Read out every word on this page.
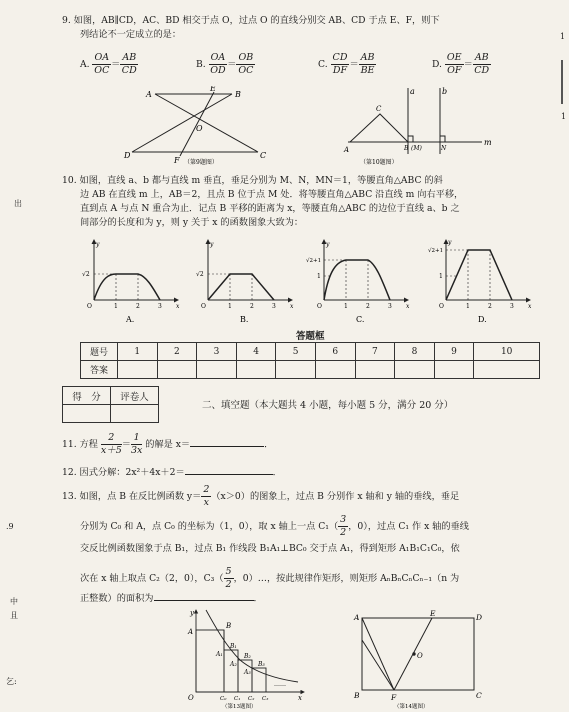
出
.9
中
且
乞:
1
1
9. 如图，AB∥CD，AC、BD 相交于点 O，过点 O 的直线分别交 AB、CD 于点 E、F，则下
列结论不一定成立的是：
A. $\frac{OA}{OC} = \frac{AB}{CD}$	B. $\frac{OA}{OD} = \frac{OB}{OC}$	C. $\frac{CD}{DF} = \frac{AB}{BE}$	D. $\frac{OE}{OF} = \frac{AB}{CD}$
A	B
E
O
D	C
F （第9题图）
a	b
m
C
A	B (M)	N
（第10题图）
10. 如图，直线 a、b 都与直线 m 垂直，垂足分别为 M、N，MN＝1，等腰直角△ABC 的斜
边 AB 在直线 m 上，AB＝2，且点 B 位于点 M 处．将等腰直角△ABC 沿直线 m 向右平移，
直到点 A 与点 N 重合为止．记点 B 平移的距离为 x，等腰直角△ABC 的边位于直线 a、b 之
间部分的长度和为 y，则 y 关于 x 的函数图象大致为：
y
x
O
√2
1	2	3
A.
y
x
O
√2
1	2	3
B.
y
x
O
√2+1
1
1	2	3
C.
y
x
O
√2+1
1
1	2	3
D.
答题框
题号	1	2	3	4	5	6	7	8	9	10
答案										
得　分	评卷人

二、填空题（本大题共 4 小题，每小题 5 分，满分 20 分）
11. 方程 $\frac{2}{x+5} = \frac{1}{3x}$ 的解是 x＝	．
12. 因式分解：2x²＋4x＋2＝	．
13. 如图，点 B 在反比例函数 $y= \frac{2}{x} (x>0)$的图象上，过点 B 分别作 x 轴和 y 轴的垂线，垂足
分别为 C₀ 和 A，点 C₀ 的坐标为（1，0），取 x 轴上一点 $C_1( \frac{3}{2}$ ，0），过点 C₁ 作 x 轴的垂线
交反比例函数图象于点 B₁，过点 B₁ 作线段 B₁A₁⊥BC₀ 交于点 A₁，得到矩形 A₁B₁C₁C₀，依
次在 x 轴上取点 C₂（2，0），$C_3( \frac{5}{2}$ ，0）…，按此规律作矩形，则矩形 AₙBₙCₙCₙ₋₁（n 为
正整数）的面积为	．
y
x
O
A
B
A₁
B₁
A₂
B₂
A₃
B₃
C₀ C₁ C₂ C₃
……
（第13题图）
A	E	D
B	F	C
O
（第14题图）
